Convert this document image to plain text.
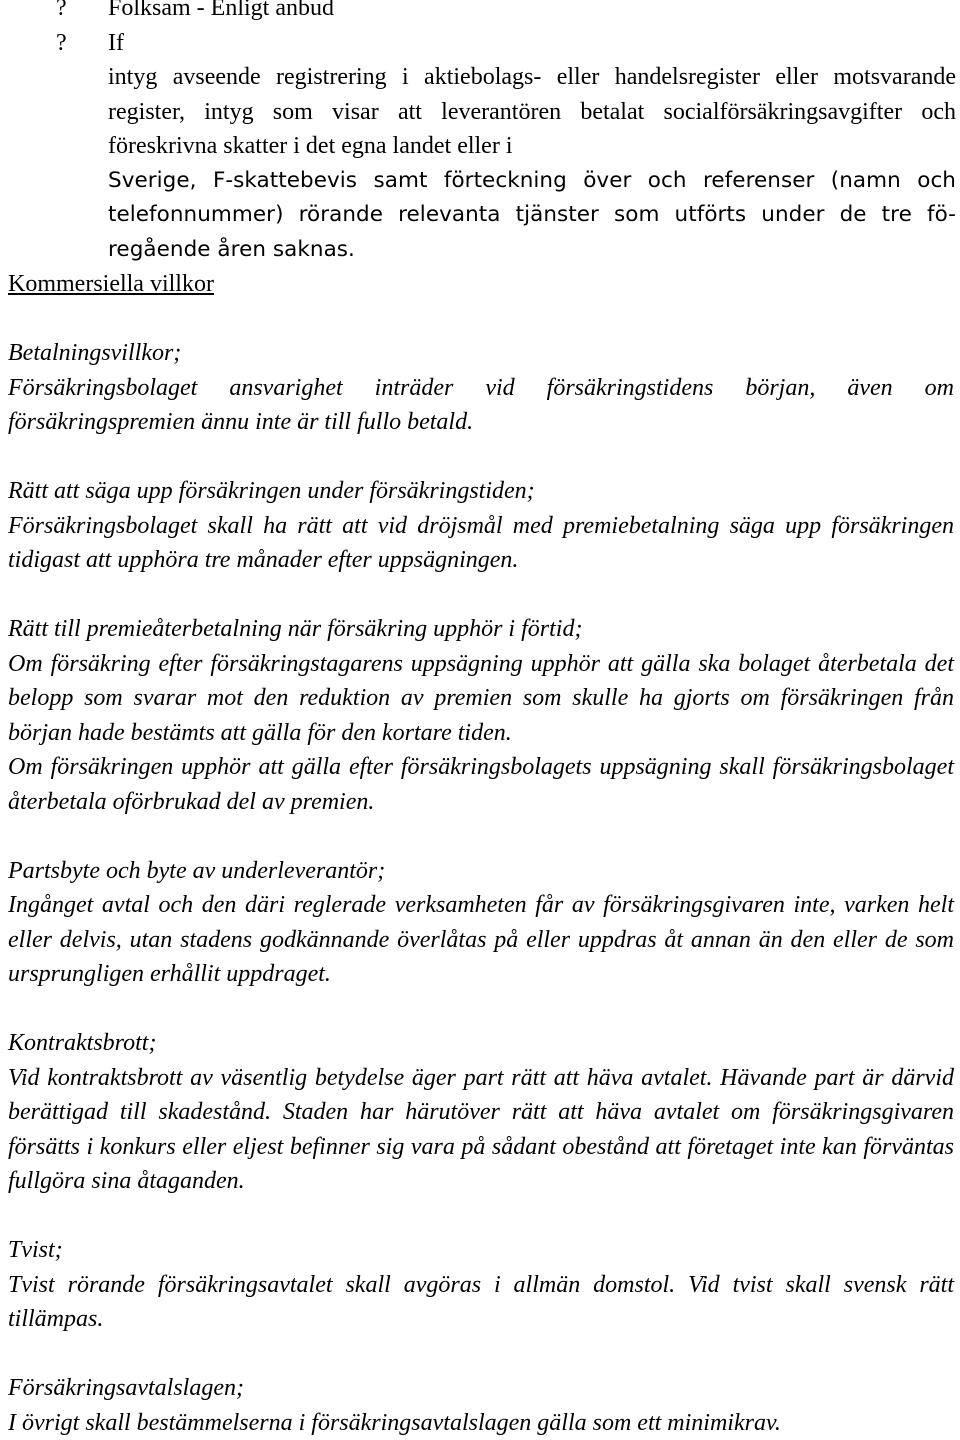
? Folksam - Enligt anbud

? If

intyg avseende registrering i aktiebolags- eller handelsregister eller motsvarande register, intyg som visar att leverantören betalat socialförsäkringsavgifter och föreskrivna skatter i det egna landet eller i

Sverige, F-skattebevis samt förteckning över och referenser (namn och telefonnummer) rörande relevanta tjänster som utförts under de tre fö-regående åren saknas.

Kommersiella villkor

Betalningsvillkor;

Försäkringsbolaget ansvarighet inträder vid försäkringstidens början, även om försäkringspremien ännu inte är till fullo betald.

Rätt att säga upp försäkringen under försäkringstiden;

Försäkringsbolaget skall ha rätt att vid dröjsmål med premiebetalning säga upp försäkringen tidigast att upphöra tre månader efter uppsägningen.

Rätt till premieåterbetalning när försäkring upphör i förtid;

Om försäkring efter försäkringstagarens uppsägning upphör att gälla ska bolaget återbetala det belopp som svarar mot den reduktion av premien som skulle ha gjorts om försäkringen från början hade bestämts att gälla för den kortare tiden.

Om försäkringen upphör att gälla efter försäkringsbolagets uppsägning skall försäkringsbolaget återbetala oförbrukad del av premien.

Partsbyte och byte av underleverantör;

Ingånget avtal och den däri reglerade verksamheten får av försäkringsgivaren inte, varken helt eller delvis, utan stadens godkännande överlåtas på eller uppdras åt annan än den eller de som ursprungligen erhållit uppdraget.

Kontraktsbrott;

Vid kontraktsbrott av väsentlig betydelse äger part rätt att häva avtalet. Hävande part är därvid berättigad till skadestånd. Staden har härutöver rätt att häva avtalet om försäkringsgivaren försätts i konkurs eller eljest befinner sig vara på sådant obestånd att företaget inte kan förväntas fullgöra sina åtaganden.

Tvist;

Tvist rörande försäkringsavtalet skall avgöras i allmän domstol. Vid tvist skall svensk rätt tillämpas.

Försäkringsavtalslagen;

I övrigt skall bestämmelserna i försäkringsavtalslagen gälla som ett minimikrav.
